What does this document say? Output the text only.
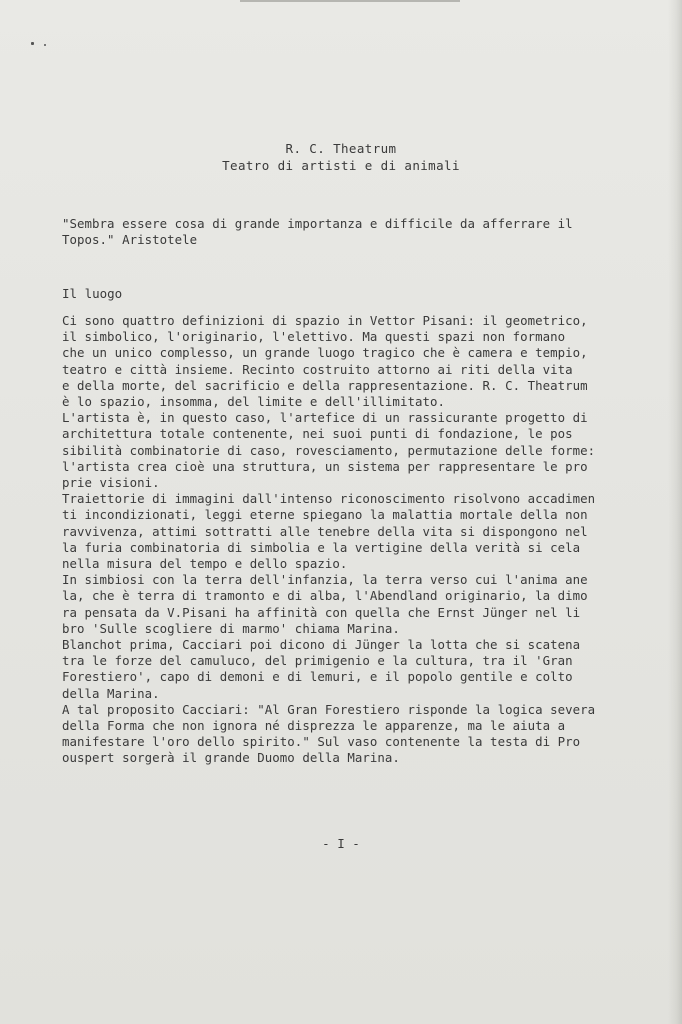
R. C. Theatrum
Teatro di artisti e di animali
"Sembra essere cosa di grande importanza e difficile da afferrare il
Topos." Aristotele
Il luogo
Ci sono quattro definizioni di spazio in Vettor Pisani: il geometrico,
il simbolico, l'originario, l'elettivo. Ma questi spazi non formano
che un unico complesso, un grande luogo tragico che è camera e tempio,
teatro e città insieme. Recinto costruito attorno ai riti della vita
e della morte, del sacrificio e della rappresentazione. R. C. Theatrum
è lo spazio, insomma, del limite e dell'illimitato.
L'artista è, in questo caso, l'artefice di un rassicurante progetto di
architettura totale contenente, nei suoi punti di fondazione, le pos
sibilità combinatorie di caso, rovesciamento, permutazione delle forme:
l'artista crea cioè una struttura, un sistema per rappresentare le pro
prie visioni.
Traiettorie di immagini dall'intenso riconoscimento risolvono accadimen
ti incondizionati, leggi eterne spiegano la malattia mortale della non
ravvivenza, attimi sottratti alle tenebre della vita si dispongono nel
la furia combinatoria di simbolia e la vertigine della verità si cela
nella misura del tempo e dello spazio.
In simbiosi con la terra dell'infanzia, la terra verso cui l'anima ane
la, che è terra di tramonto e di alba, l'Abendland originario, la dimo
ra pensata da V.Pisani ha affinità con quella che Ernst Jünger nel li
bro 'Sulle scogliere di marmo' chiama Marina.
Blanchot prima, Cacciari poi dicono di Jünger la lotta che si scatena
tra le forze del camuluco, del primigenio e la cultura, tra il 'Gran
Forestiero', capo di demoni e di lemuri, e il popolo gentile e colto
della Marina.
A tal proposito Cacciari: "Al Gran Forestiero risponde la logica severa
della Forma che non ignora né disprezza le apparenze, ma le aiuta a
manifestare l'oro dello spirito." Sul vaso contenente la testa di Pro
ouspert sorgerà il grande Duomo della Marina.
- I -
